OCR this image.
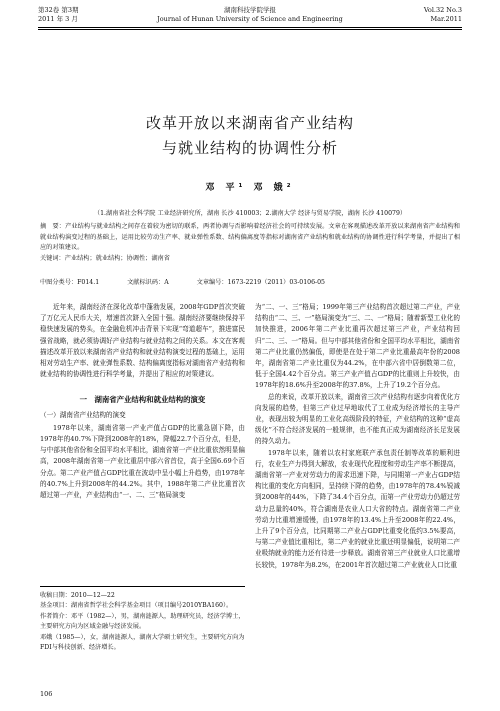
第32卷 第3期
2011 年 3 月
湖南科技学院学报
Journal of Hunan University of Science and Engineering
Vol.32 No.3
Mar.2011
改革开放以来湖南省产业结构
与就业结构的协调性分析
邓 平¹ 邓 娥²
（1.湖南省社会科学院 工业经济研究所，湖南 长沙 410003；2.湖南大学 经济与贸易学院，湖南 长沙 410079）
摘　要：产业结构与就业结构之间存在着较为密切的联系，两者协调与否影响着经济社会的可持续发展。文章在客观描述改革开放以来湖南省产业结构和就业结构演变过程的基础上，运用比较劳动生产率、就业弹性系数、结构偏离度等指标对湖南省产业结构和就业结构的协调性进行科学考量，并提出了相应的对策建议。
关键词：产业结构；就业结构；协调性；湖南省
中图分类号：F014.1	文献标识码：A	文章编号：1673-2219（2011）03-0106-05

近年来，湖南经济在深化改革中蓬勃发展，2008年GDP首次突破了万亿元人民币大关，增速首次跻入全国十强。湖南经济要继续保持平稳快速发展的势头，在金融危机冲击背景下实现“弯道超车”，推进富民强省战略，就必须协调好产业结构与就业结构之间的关系。本文在客观描述改革开放以来湖南省产业结构和就业结构演变过程的基础上，运用相对劳动生产率、就业弹性系数、结构偏离度指标对湖南省产业结构和就业结构的协调性进行科学考量，并提出了相应的对策建议。

一　湖南省产业结构和就业结构的演变
（一）湖南省产业结构的演变

1978年以来，湖南省第一产业产值占GDP的比重急剧下降，由1978年的40.7%下降到2008年的18%，降幅22.7个百分点，但是，与中部其他省份和全国平均水平相比，湖南省第一产业比重依然明显偏高，2008年湖南省第一产业比重居中部六省首位，高于全国6.69个百分点。第二产业产值占GDP比重在波动中呈小幅上升趋势，由1978年的40.7%上升到2008年的44.2%。其中，1988年第二产业比重首次超过第一产业，产业结构由“一、二、三”格局演变

为“二、一、三”格局；1999年第三产业结构首次超过第二产业，产业结构由“二、三、一”格局演变为“三、二、一”格局；随着新型工业化的加快推进，2006年第二产业比重再次超过第三产业，产业结构回归“二、三、一”格局。但与中部其他省份和全国平均水平相比，湖南省第二产业比重仍然偏低，即使是在处于第二产业比重最高年份的2008年，湖南省第二产业比重仅为44.2%，在中部六省中居倒数第二位，低于全国4.42个百分点。第三产业产值占GDP的比重则上升较快，由1978年的18.6%升至2008年的37.8%，上升了19.2个百分点。

总的来说，改革开放以来，湖南省三次产业结构有逐步向着优化方向发展的趋势，但第三产业过早地取代了工业成为经济增长的主导产业，表现出较为明显的工业化高级阶段的特征，产业结构的这种“虚高级化”不符合经济发展的一般规律，也不能真正成为湖南经济长足发展的持久动力。

1978年以来，随着以农村家庭联产承包责任制等改革的顺利进行，农业生产力得到大解放，农业现代化程度和劳动生产率不断提高，湖南省第一产业对劳动力的需求迅速下降，与同期第一产业占GDP结构比重的变化方向相同，呈持续下降的趋势，由1978年的78.4%锐减到2008年的44%，下降了34.4个百分点，而第一产业劳动力仍超过劳动力总量的40%，符合湖南是农业人口大省的特点。湖南省第二产业劳动力比重增速缓慢，由1978年的13.4%上升至2008年的22.4%，上升了9个百分点，比同期第二产业占GDP比重变化低约3.5%要高，与第二产业值比重相比，第二产业的就业比重还明显偏低，说明第二产业吸纳就业的能力还有待进一步释放。湖南省第三产业就业人口比重增长较快，1978年为8.2%，在2001年首次超过第二产业就业人口比重

收稿日期：2010—12—22

基金项目：湖南省哲学社会科学基金项目（项目编号2010YBA160）。

作者简介：邓平（1982—），男，湖南涟源人，助理研究员，经济学博士，主要研究方向为区域金融与经济发展。

邓娥（1985—），女，湖南涟源人，湖南大学硕士研究生，主要研究方向为FDI与科技创新、经济增长。

106
